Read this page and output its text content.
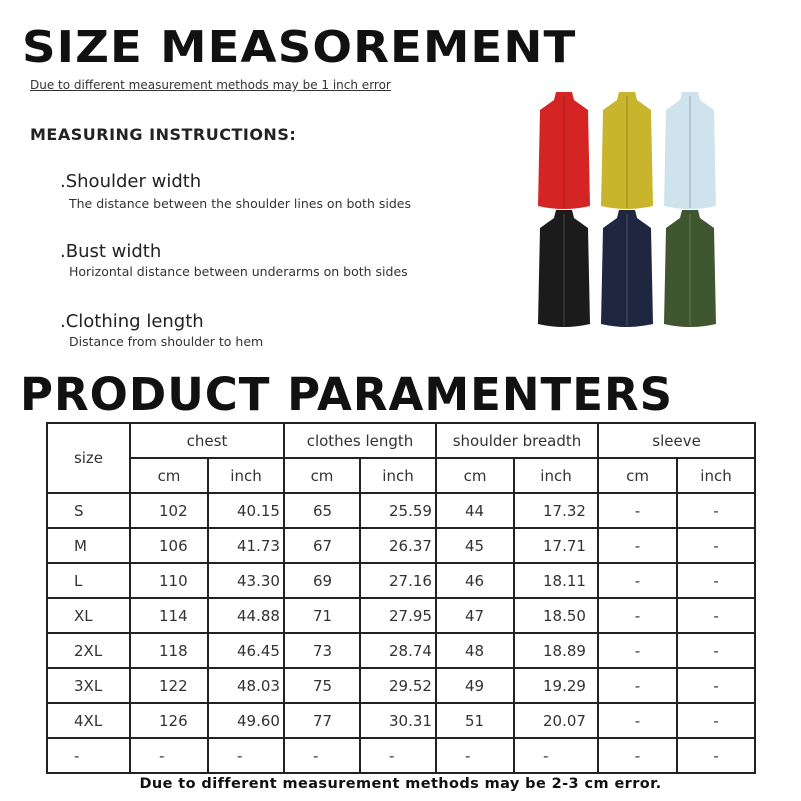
SIZE MEASOREMENT
Due to different measurement methods may be 1 inch error
MEASURING INSTRUCTIONS:
.Shoulder width
The distance between the shoulder lines on both sides
.Bust width
Horizontal distance between underarms on both sides
.Clothing length
Distance from shoulder to hem
PRODUCT PARAMENTERS
size	chest		clothes length		shoulder breadth		sleeve	
	cm	inch	cm	inch	cm	inch	cm	inch
S	102	40.15	65	25.59	44	17.32	-	-
M	106	41.73	67	26.37	45	17.71	-	-
L	110	43.30	69	27.16	46	18.11	-	-
XL	114	44.88	71	27.95	47	18.50	-	-
2XL	118	46.45	73	28.74	48	18.89	-	-
3XL	122	48.03	75	29.52	49	19.29	-	-
4XL	126	49.60	77	30.31	51	20.07	-	-
-	-	-	-	-	-	-	-	-
Due to different measurement methods may be 2-3 cm error.
